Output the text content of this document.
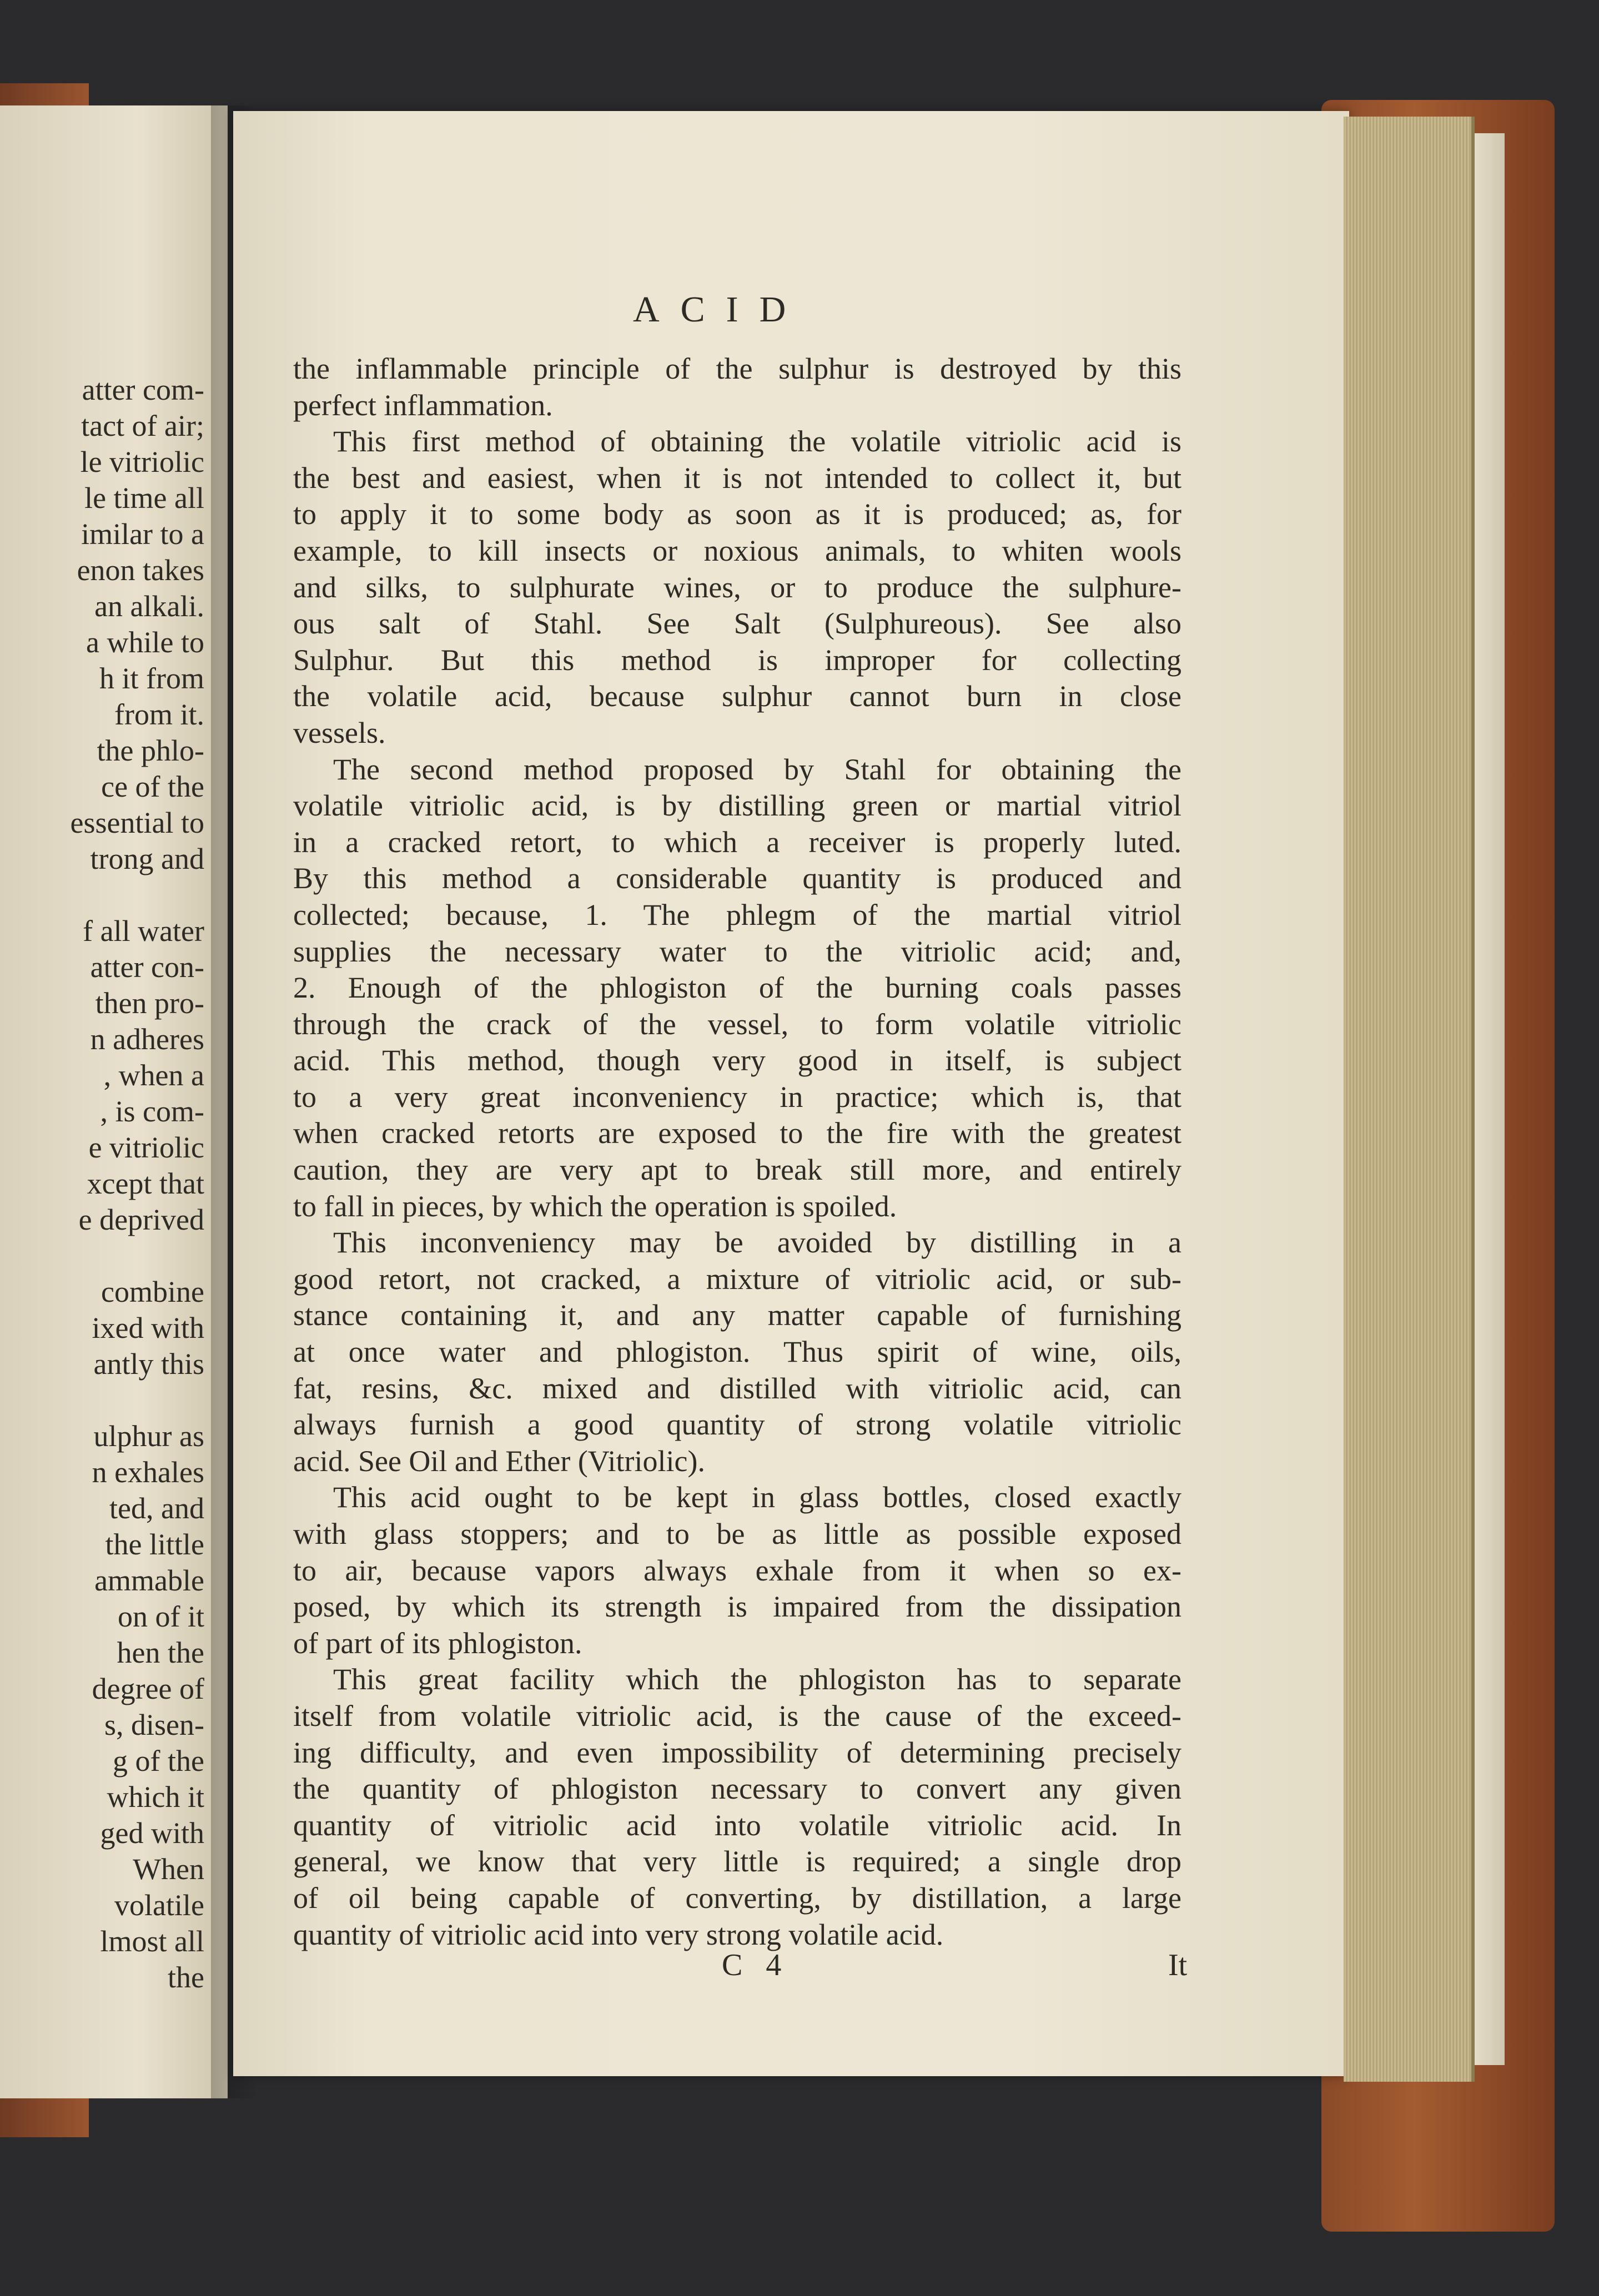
atter com-
tact of air;
le vitriolic
le time all
imilar to a
enon takes
an alkali.
a while to
h it from
from it.
the phlo-
ce of the
essential to
trong and

f all water
atter con-
then pro-
n adheres
, when a
, is com-
e vitriolic
xcept that
e deprived

combine
ixed with
antly this

ulphur as
n exhales
ted, and
the little
ammable
on of it
hen the
degree of
s, disen-
g of the
which it
ged with
When
volatile
lmost all
the
ACID
the inflammable principle of the sulphur is destroyed by this
perfect inflammation.
This first method of obtaining the volatile vitriolic acid is
the best and easiest, when it is not intended to collect it, but
to apply it to some body as soon as it is produced; as, for
example, to kill insects or noxious animals, to whiten wools
and silks, to sulphurate wines, or to produce the sulphure-
ous salt of Stahl. See Salt (Sulphureous). See also
Sulphur. But this method is improper for collecting
the volatile acid, because sulphur cannot burn in close
vessels.
The second method proposed by Stahl for obtaining the
volatile vitriolic acid, is by distilling green or martial vitriol
in a cracked retort, to which a receiver is properly luted.
By this method a considerable quantity is produced and
collected; because, 1. The phlegm of the martial vitriol
supplies the necessary water to the vitriolic acid; and,
2. Enough of the phlogiston of the burning coals passes
through the crack of the vessel, to form volatile vitriolic
acid. This method, though very good in itself, is subject
to a very great inconveniency in practice; which is, that
when cracked retorts are exposed to the fire with the greatest
caution, they are very apt to break still more, and entirely
to fall in pieces, by which the operation is spoiled.
This inconveniency may be avoided by distilling in a
good retort, not cracked, a mixture of vitriolic acid, or sub-
stance containing it, and any matter capable of furnishing
at once water and phlogiston. Thus spirit of wine, oils,
fat, resins, &c. mixed and distilled with vitriolic acid, can
always furnish a good quantity of strong volatile vitriolic
acid. See Oil and Ether (Vitriolic).
This acid ought to be kept in glass bottles, closed exactly
with glass stoppers; and to be as little as possible exposed
to air, because vapors always exhale from it when so ex-
posed, by which its strength is impaired from the dissipation
of part of its phlogiston.
This great facility which the phlogiston has to separate
itself from volatile vitriolic acid, is the cause of the exceed-
ing difficulty, and even impossibility of determining precisely
the quantity of phlogiston necessary to convert any given
quantity of vitriolic acid into volatile vitriolic acid. In
general, we know that very little is required; a single drop
of oil being capable of converting, by distillation, a large
quantity of vitriolic acid into very strong volatile acid.
C 4	It
